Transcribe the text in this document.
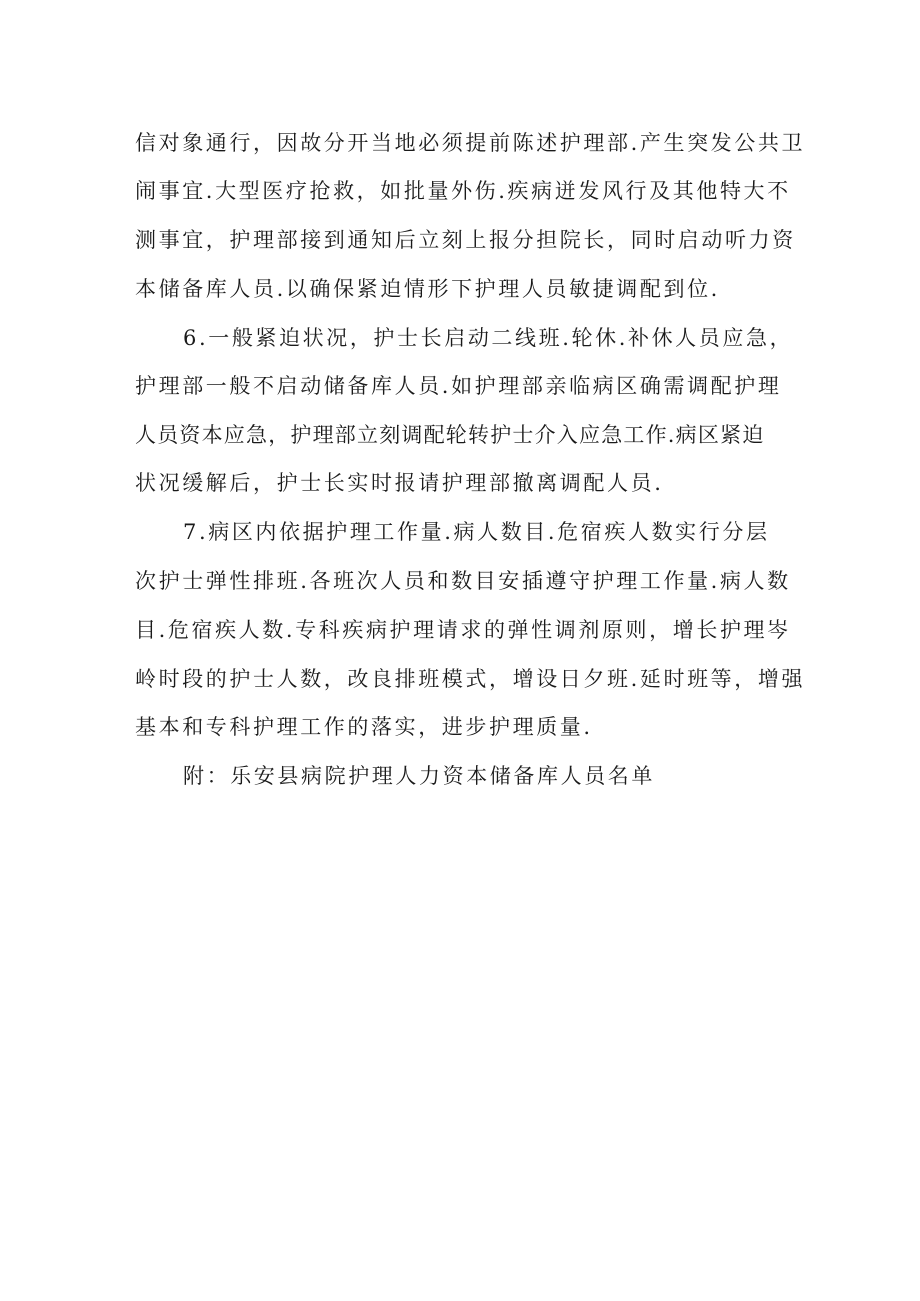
信对象通行，因故分开当地必须提前陈述护理部.产生突发公共卫
闹事宜.大型医疗抢救，如批量外伤.疾病迸发风行及其他特大不
测事宜，护理部接到通知后立刻上报分担院长，同时启动听力资
本储备库人员.以确保紧迫情形下护理人员敏捷调配到位.
6.一般紧迫状况，护士长启动二线班.轮休.补休人员应急，
护理部一般不启动储备库人员.如护理部亲临病区确需调配护理
人员资本应急，护理部立刻调配轮转护士介入应急工作.病区紧迫
状况缓解后，护士长实时报请护理部撤离调配人员.
7.病区内依据护理工作量.病人数目.危宿疾人数实行分层
次护士弹性排班.各班次人员和数目安插遵守护理工作量.病人数
目.危宿疾人数.专科疾病护理请求的弹性调剂原则，增长护理岑
岭时段的护士人数，改良排班模式，增设日夕班.延时班等，增强
基本和专科护理工作的落实，进步护理质量.
附：乐安县病院护理人力资本储备库人员名单
